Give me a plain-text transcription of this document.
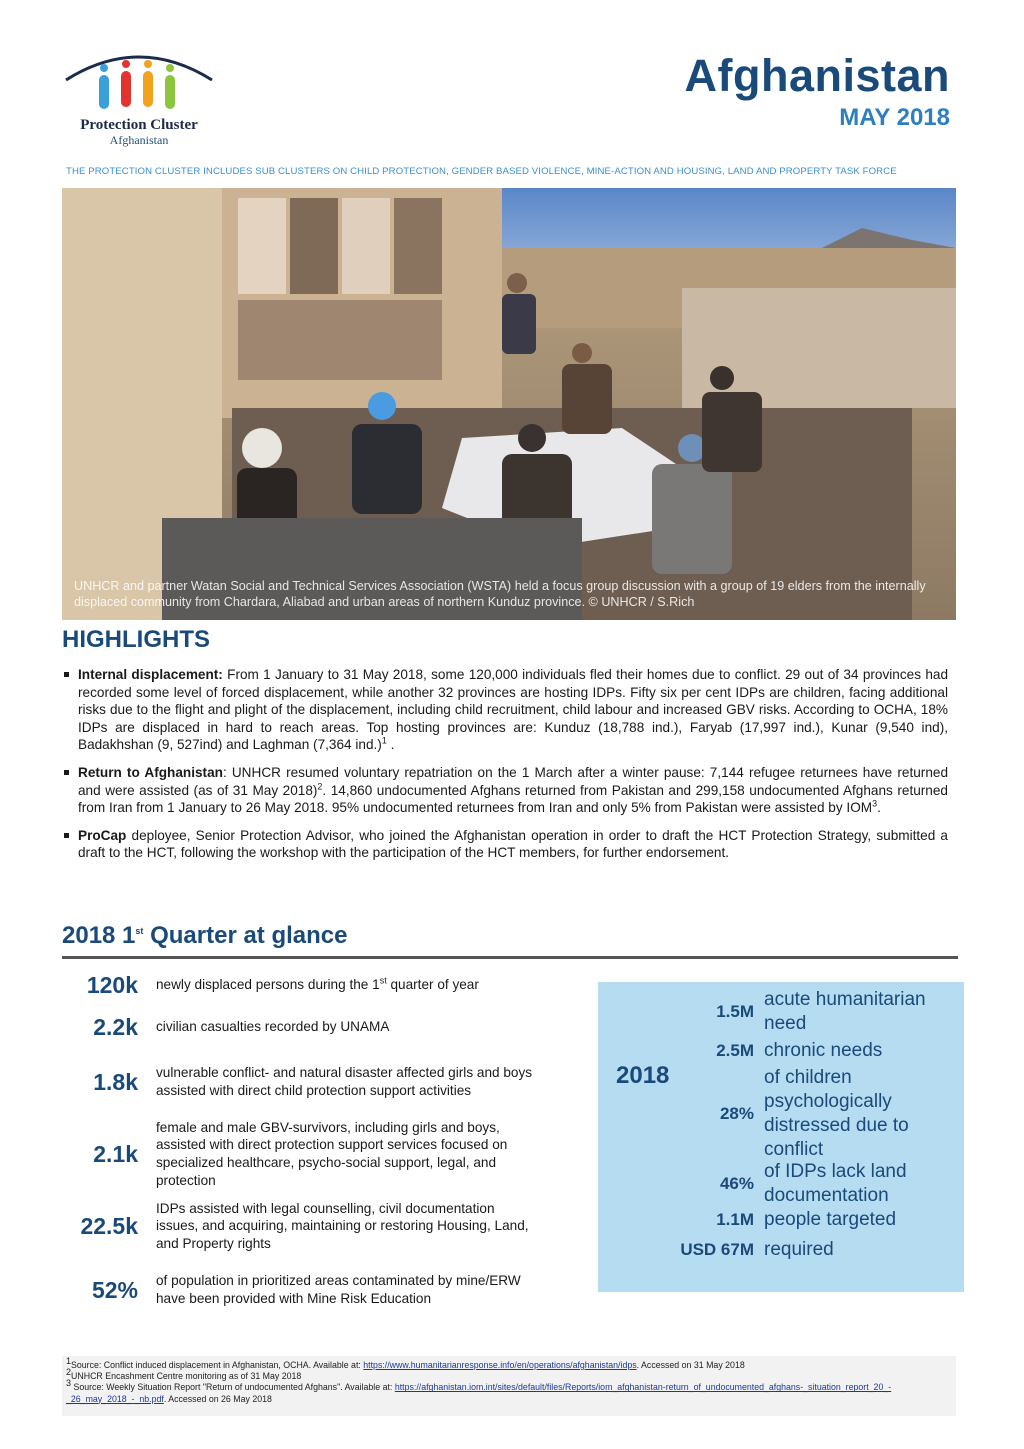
Protection Cluster
Afghanistan
Afghanistan
MAY 2018
THE PROTECTION CLUSTER INCLUDES SUB CLUSTERS ON CHILD PROTECTION, GENDER BASED VIOLENCE, MINE-ACTION AND HOUSING, LAND AND PROPERTY TASK FORCE
UNHCR and partner Watan Social and Technical Services Association (WSTA) held a focus group discussion with a group of 19 elders from the internally displaced community from Chardara, Aliabad and urban areas of northern Kunduz province. © UNHCR / S.Rich
HIGHLIGHTS
Internal displacement: From 1 January to 31 May 2018, some 120,000 individuals fled their homes due to conflict. 29 out of 34 provinces had recorded some level of forced displacement, while another 32 provinces are hosting IDPs. Fifty six per cent IDPs are children, facing additional risks due to the flight and plight of the displacement, including child recruitment, child labour and increased GBV risks. According to OCHA, 18% IDPs are displaced in hard to reach areas. Top hosting provinces are: Kunduz (18,788 ind.), Faryab (17,997 ind.), Kunar (9,540 ind), Badakhshan (9, 527ind) and Laghman (7,364 ind.)$^1$ .
Return to Afghanistan: UNHCR resumed voluntary repatriation on the 1 March after a winter pause: 7,144 refugee returnees have returned and were assisted (as of 31 May 2018)$^2$. 14,860 undocumented Afghans returned from Pakistan and 299,158 undocumented Afghans returned from Iran from 1 January to 26 May 2018. 95% undocumented returnees from Iran and only 5% from Pakistan were assisted by IOM$^3$.
ProCap deployee, Senior Protection Advisor, who joined the Afghanistan operation in order to draft the HCT Protection Strategy, submitted a draft to the HCT, following the workshop with the participation of the HCT members, for further endorsement.
2018 1st Quarter at glance
120k	newly displaced persons during the 1st quarter of year
2.2k	civilian casualties recorded by UNAMA
1.8k	vulnerable conflict- and natural disaster affected girls and boys assisted with direct child protection support activities
2.1k
female and male GBV-survivors, including girls and boys, assisted with direct protection support services focused on specialized healthcare, psycho-social support, legal, and protection
22.5k
IDPs assisted with legal counselling, civil documentation issues, and acquiring, maintaining or restoring Housing, Land, and Property rights
52%	of population in prioritized areas contaminated by mine/ERW have been provided with Mine Risk Education
2018
1.5M
acute humanitarian need
2.5M chronic needs
28%
of children psychologically distressed due to conflict
46%
of IDPs lack land documentation
1.1M people targeted
USD 67M required
$^1$Source: Conflict induced displacement in Afghanistan, OCHA. Available at: https://www.humanitarianresponse.info/en/operations/afghanistan/idps. Accessed on 31 May 2018
$^2$UNHCR Encashment Centre monitoring as of 31 May 2018
$^3$ Source: Weekly Situation Report "Return of undocumented Afghans". Available at: https://afghanistan.iom.int/sites/default/files/Reports/iom_afghanistan-return_of_undocumented_afghans-_situation_report_20_-_26_may_2018_-_nb.pdf. Accessed on 26 May 2018
